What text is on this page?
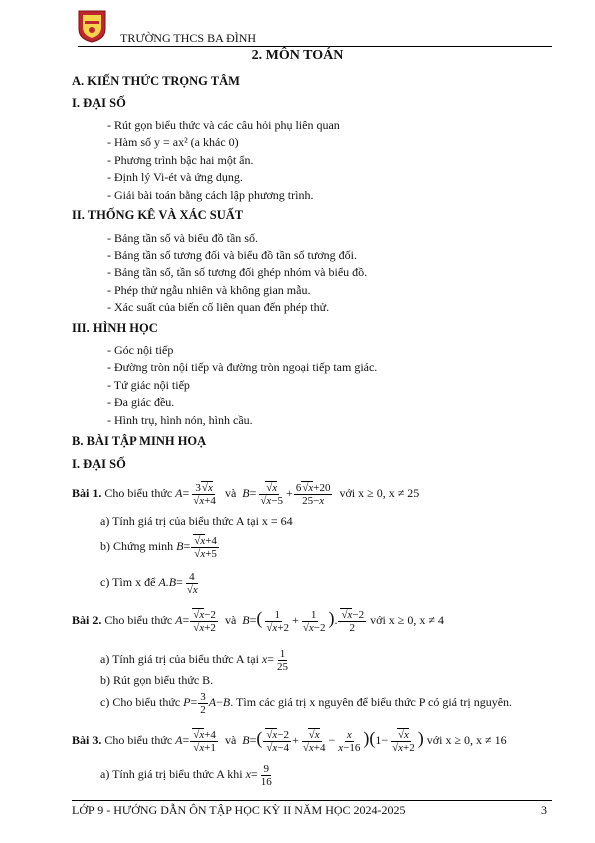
TRƯỜNG THCS BA ĐÌNH
2. MÔN TOÁN
A. KIẾN THỨC TRỌNG TÂM
I. ĐẠI SỐ
- Rút gọn biểu thức và các câu hỏi phụ liên quan
- Hàm số y = ax² (a khác 0)
- Phương trình bậc hai một ẩn.
- Định lý Vi-ét và ứng dụng.
- Giải bài toán bằng cách lập phương trình.
II. THỐNG KÊ VÀ XÁC SUẤT
- Bảng tần số và biểu đồ tần số.
- Bảng tần số tương đối và biểu đồ tần số tương đối.
- Bảng tần số, tần số tương đối ghép nhóm và biểu đồ.
- Phép thử ngẫu nhiên và không gian mẫu.
- Xác suất của biến cố liên quan đến phép thử.
III. HÌNH HỌC
- Góc nội tiếp
- Đường tròn nội tiếp và đường tròn ngoại tiếp tam giác.
- Tứ giác nội tiếp
- Đa giác đều.
- Hình trụ, hình nón, hình cầu.
B. BÀI TẬP MINH HOẠ
I. ĐẠI SỐ
Bài 1. Cho biểu thức $A= \frac{3√x}{√x+4}$ và $B= \frac{√x}{√x-5} + \frac{6√x+20}{25-x}$ với x ≥ 0, x ≠ 25
a) Tính giá trị của biểu thức A tại x = 64
b) Chứng minh $B= \frac{√x+4}{√x+5}$
c) Tìm x để $A.B= \frac{4}{√x}$
Bài 2. Cho biểu thức $A= \frac{√x-2}{√x+2}$ và $B=( \frac{1}{√x+2} + \frac{1}{√x-2}$ ). $\frac{√x-2}{2}$ với x ≥ 0, x ≠ 4
a) Tính giá trị của biểu thức A tại $x= \frac{1}{25}$
b) Rút gọn biểu thức B.
c) Cho biểu thức $P= \frac{3}{2} A-B$. Tìm các giá trị x nguyên để biểu thức P có giá trị nguyên.
Bài 3. Cho biểu thức $A= \frac{√x+4}{√x+1}$ và $B=( \frac{√x-2}{√x-4} + \frac{√x}{√x+4} - \frac{x}{x-16} )(1- \frac{√x}{√x+2}$ ) với x ≥ 0, x ≠ 16
a) Tính giá trị biểu thức A khi $x= \frac{9}{16}$
LỚP 9 - HƯỚNG DẪN ÔN TẬP HỌC KỲ II NĂM HỌC 2024-2025	3
